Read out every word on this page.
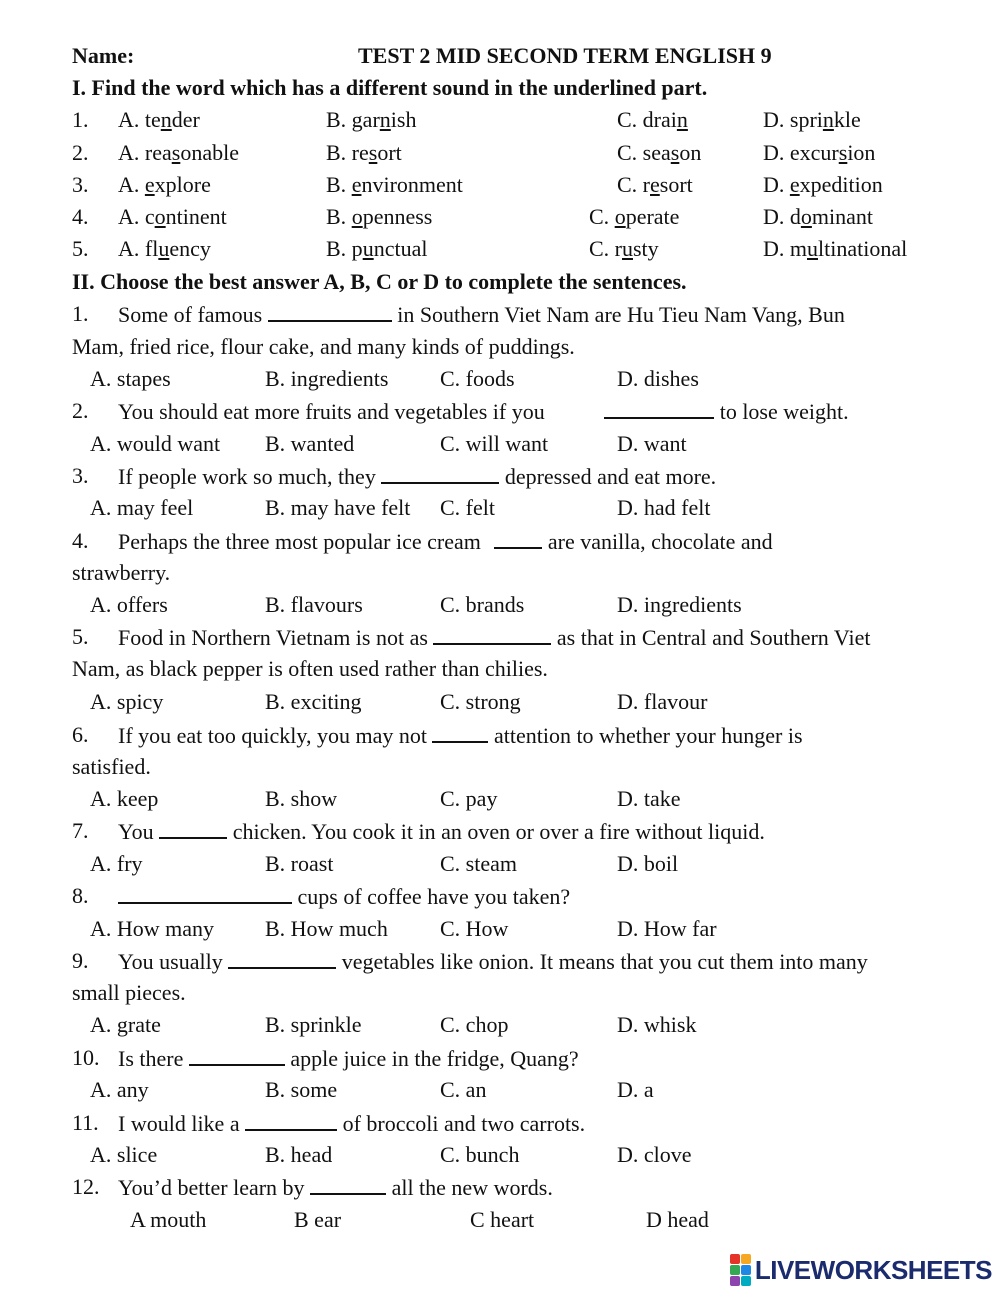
Name:	TEST 2 MID SECOND TERM ENGLISH 9
I. Find the word which has a different sound in the underlined part.
1. A. tender	B. garnish	C. drain	D. sprinkle
2. A. reasonable	B. resort	C. season	D. excursion
3. A. explore	B. environment	C. resort	D. expedition
4. A. continent	B. openness	C. operate	D. dominant
5. A. fluency	B. punctual	C. rusty	D. multinational
II. Choose the best answer A, B, C or D to complete the sentences.
1. Some of famous	in Southern Viet Nam are Hu Tieu Nam Vang, Bun
Mam, fried rice, flour cake, and many kinds of puddings.
A. stapes	B. ingredients C. foods	D. dishes
2. You should eat more fruits and vegetables if you	to lose weight.
A. would want B. wanted	C. will want	D. want
3. If people work so much, they	depressed and eat more.
A. may feel	B. may have felt C. felt	D. had felt
4. Perhaps the three most popular ice cream	are vanilla, chocolate and
strawberry.
A. offers	B. flavours	C. brands	D. ingredients
5. Food in Northern Vietnam is not as	as that in Central and Southern Viet
Nam, as black pepper is often used rather than chilies.
A. spicy	B. exciting	C. strong	D. flavour
6. If you eat too quickly, you may not	attention to whether your hunger is
satisfied.
A. keep	B. show	C. pay	D. take
7. You	chicken. You cook it in an oven or over a fire without liquid.
A. fry	B. roast	C. steam	D. boil
8.	cups of coffee have you taken?
A. How many B. How much C. How	D. How far
9. You usually	vegetables like onion. It means that you cut them into many
small pieces.
A. grate	B. sprinkle	C. chop	D. whisk
10. Is there	apple juice in the fridge, Quang?
A. any	B. some	C. an	D. a
11. I would like a	of broccoli and two carrots.
A. slice	B. head	C. bunch	D. clove
12. You’d better learn by	all the new words.
A mouth	B ear	C heart	D head
LIVEWORKSHEETS
